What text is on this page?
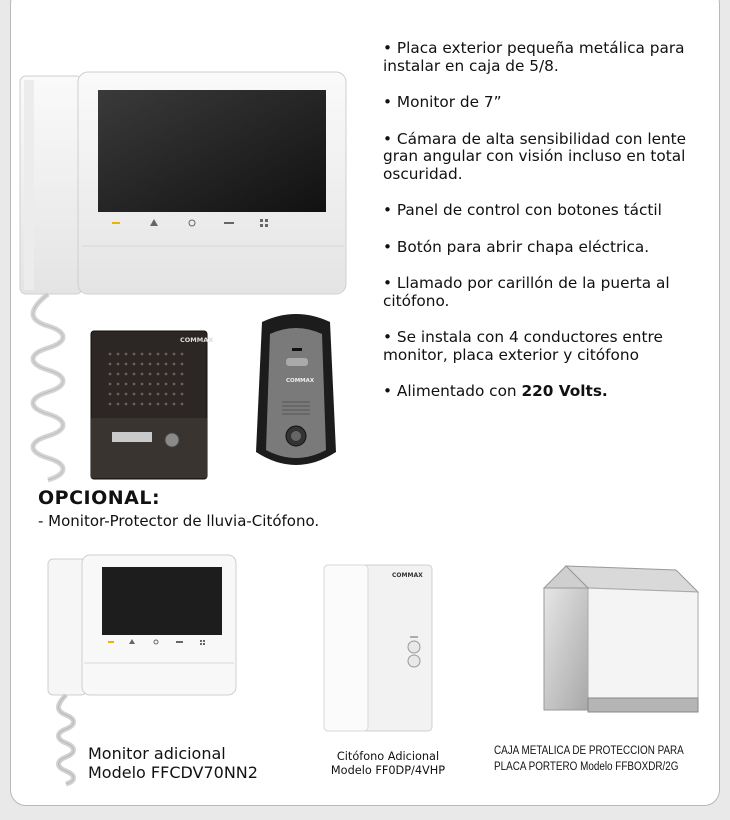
COMMAX
COMMAX

• Placa exterior pequeña metálica para instalar en caja de 5/8.

• Monitor de 7”

• Cámara de alta sensibilidad con lente gran angular con visión incluso en total oscuridad.

• Panel de control con botones táctil

• Botón para abrir chapa eléctrica.

• Llamado por carillón de la puerta al citófono.

• Se instala con 4 conductores entre monitor, placa exterior y citófono

• Alimentado con 220 Volts.

OPCIONAL:
- Monitor-Protector de lluvia-Citófono.
COMMAX
Monitor adicional
Modelo FFCDV70NN2
Citófono Adicional
Modelo FF0DP/4VHP
CAJA METALICA DE PROTECCION PARA
PLACA PORTERO Modelo FFBOXDR/2G
